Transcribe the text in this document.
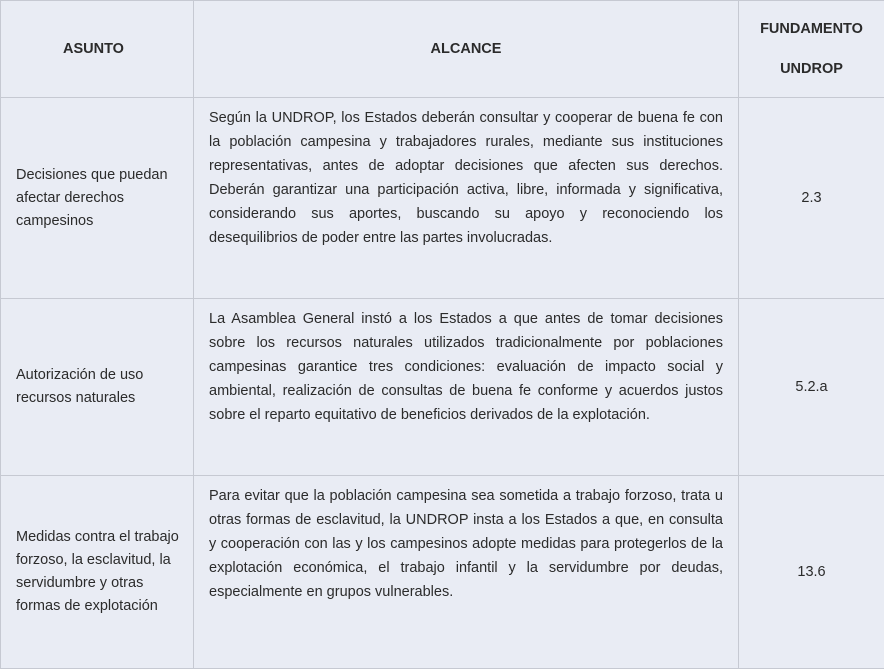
ASUNTO	ALCANCE	FUNDAMENTO
UNDROP

Decisiones que puedan afectar derechos campesinos	Según la UNDROP, los Estados deberán consultar y cooperar de buena fe con la población campesina y trabajadores rurales, mediante sus instituciones representativas, antes de adoptar decisiones que afecten sus derechos. Deberán garantizar una participación activa, libre, informada y significativa, considerando sus aportes, buscando su apoyo y reconociendo los desequilibrios de poder entre las partes involucradas.	2.3
Autorización de uso recursos naturales	La Asamblea General instó a los Estados a que antes de tomar decisiones sobre los recursos naturales utilizados tradicionalmente por poblaciones campesinas garantice tres condiciones: evaluación de impacto social y ambiental, realización de consultas de buena fe conforme y acuerdos justos sobre el reparto equitativo de beneficios derivados de la explotación.	5.2.a
Medidas contra el trabajo forzoso, la esclavitud, la servidumbre y otras formas de explotación	Para evitar que la población campesina sea sometida a trabajo forzoso, trata u otras formas de esclavitud, la UNDROP insta a los Estados a que, en consulta y cooperación con las y los campesinos adopte medidas para protegerlos de la explotación económica, el trabajo infantil y la servidumbre por deudas, especialmente en grupos vulnerables.	13.6
